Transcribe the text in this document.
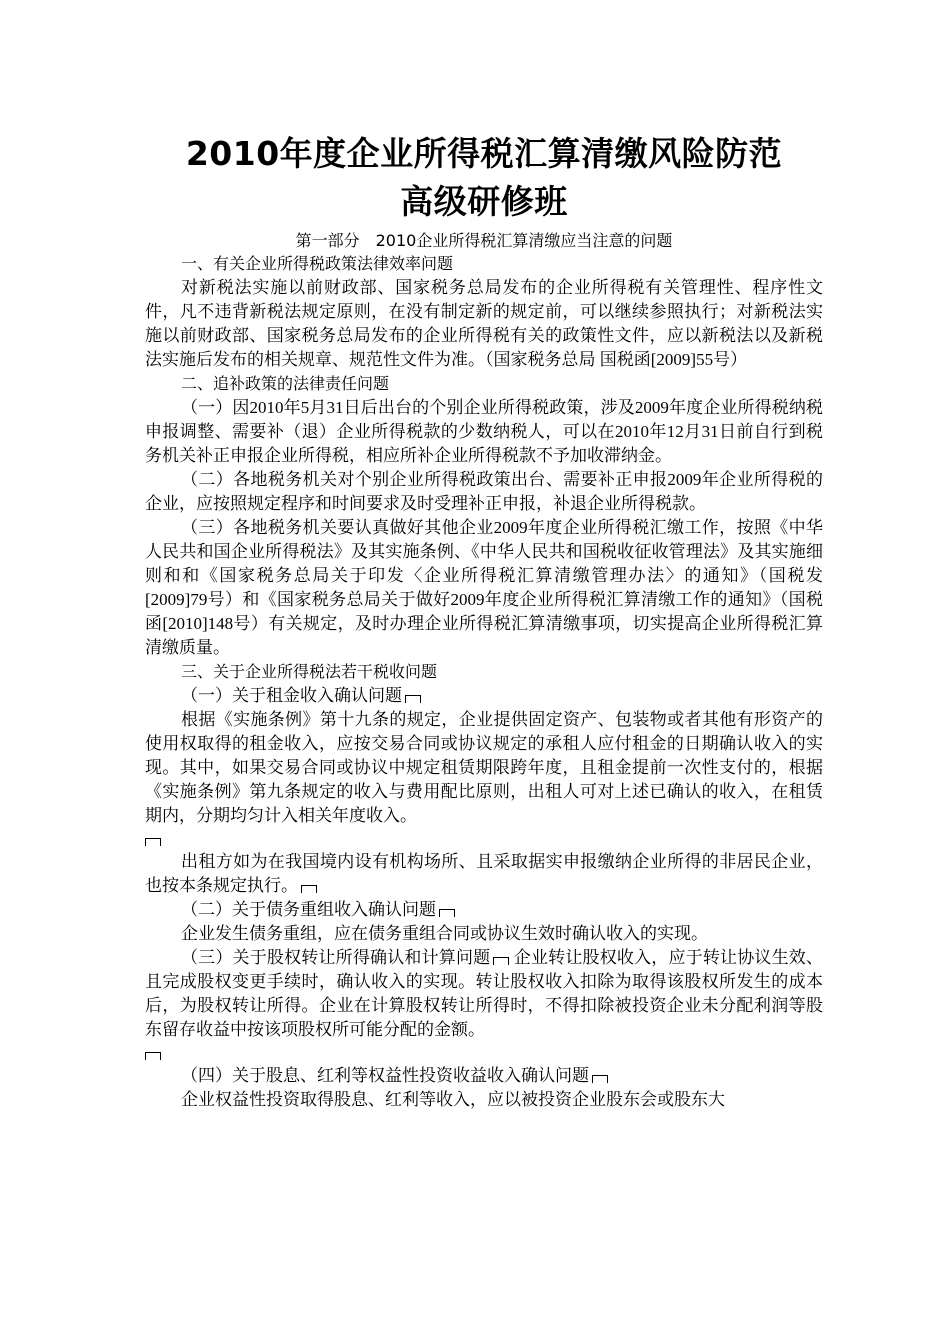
2010年度企业所得税汇算清缴风险防范
高级研修班

第一部分　2010企业所得税汇算清缴应当注意的问题

一、有关企业所得税政策法律效率问题

对新税法实施以前财政部、国家税务总局发布的企业所得税有关管理性、程序性文件，凡不违背新税法规定原则，在没有制定新的规定前，可以继续参照执行；对新税法实施以前财政部、国家税务总局发布的企业所得税有关的政策性文件，应以新税法以及新税法实施后发布的相关规章、规范性文件为准。（国家税务总局 国税函[2009]55号）

二、追补政策的法律责任问题

（一）因2010年5月31日后出台的个别企业所得税政策，涉及2009年度企业所得税纳税申报调整、需要补（退）企业所得税款的少数纳税人，可以在2010年12月31日前自行到税务机关补正申报企业所得税，相应所补企业所得税款不予加收滞纳金。

（二）各地税务机关对个别企业所得税政策出台、需要补正申报2009年企业所得税的企业，应按照规定程序和时间要求及时受理补正申报，补退企业所得税款。

（三）各地税务机关要认真做好其他企业2009年度企业所得税汇缴工作，按照《中华人民共和国企业所得税法》及其实施条例、《中华人民共和国税收征收管理法》及其实施细则和和《国家税务总局关于印发〈企业所得税汇算清缴管理办法〉的通知》（国税发[2009]79号）和《国家税务总局关于做好2009年度企业所得税汇算清缴工作的通知》（国税函[2010]148号）有关规定，及时办理企业所得税汇算清缴事项，切实提高企业所得税汇算清缴质量。

三、关于企业所得税法若干税收问题

（一）关于租金收入确认问题

根据《实施条例》第十九条的规定，企业提供固定资产、包装物或者其他有形资产的使用权取得的租金收入，应按交易合同或协议规定的承租人应付租金的日期确认收入的实现。其中，如果交易合同或协议中规定租赁期限跨年度，且租金提前一次性支付的，根据《实施条例》第九条规定的收入与费用配比原则，出租人可对上述已确认的收入，在租赁期内，分期均匀计入相关年度收入。

出租方如为在我国境内设有机构场所、且采取据实申报缴纳企业所得的非居民企业，也按本条规定执行。

（二）关于债务重组收入确认问题

企业发生债务重组，应在债务重组合同或协议生效时确认收入的实现。

（三）关于股权转让所得确认和计算问题 企业转让股权收入，应于转让协议生效、且完成股权变更手续时，确认收入的实现。转让股权收入扣除为取得该股权所发生的成本后，为股权转让所得。企业在计算股权转让所得时，不得扣除被投资企业未分配利润等股东留存收益中按该项股权所可能分配的金额。

（四）关于股息、红利等权益性投资收益收入确认问题

企业权益性投资取得股息、红利等收入，应以被投资企业股东会或股东大
